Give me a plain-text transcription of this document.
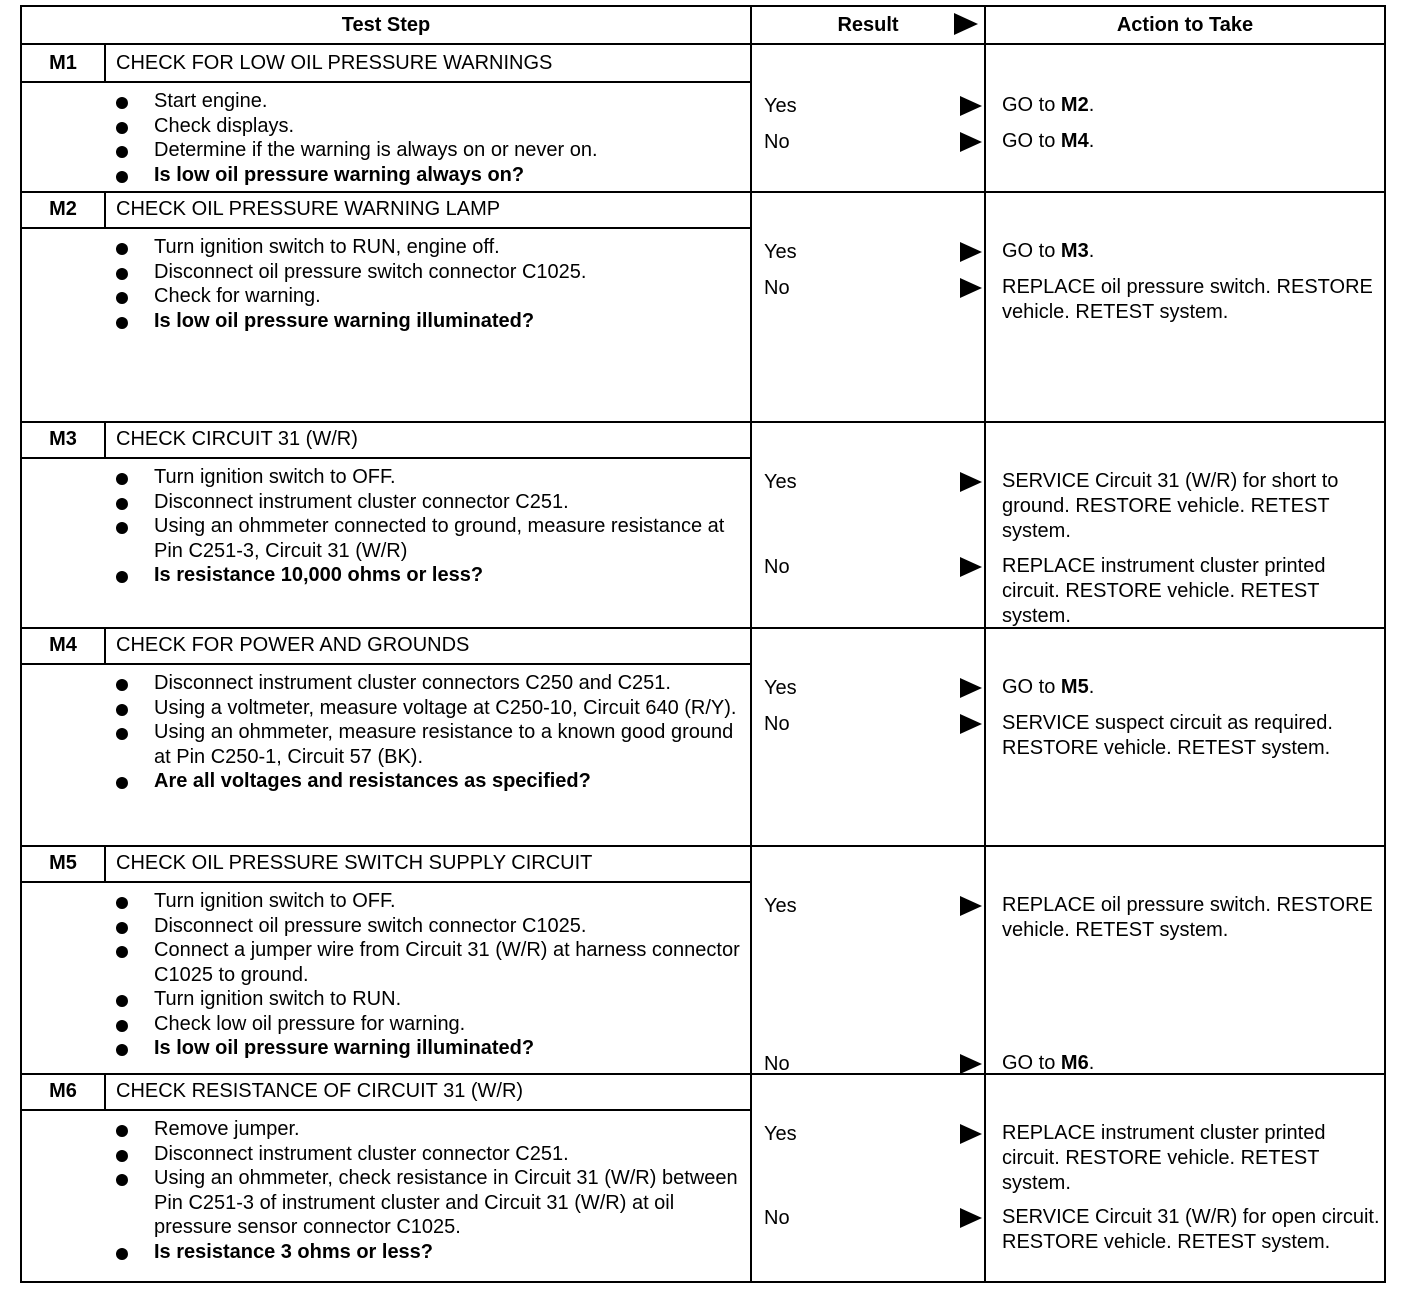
Test Step	Result	Action to Take
M1	CHECK FOR LOW OIL PRESSURE WARNINGS
Start engine.
Check displays.
Determine if the warning is always on or never on.
Is low oil pressure warning always on?
Yes	GO to M2.
No	GO to M4.
M2	CHECK OIL PRESSURE WARNING LAMP
Turn ignition switch to RUN, engine off.
Disconnect oil pressure switch connector C1025.
Check for warning.
Is low oil pressure warning illuminated?
Yes	GO to M3.
No	REPLACE oil pressure switch. RESTORE vehicle. RETEST system.
M3	CHECK CIRCUIT 31 (W/R)
Turn ignition switch to OFF.
Disconnect instrument cluster connector C251.
Using an ohmmeter connected to ground, measure resistance at Pin C251-3, Circuit 31 (W/R)
Is resistance 10,000 ohms or less?
Yes	SERVICE Circuit 31 (W/R) for short to ground. RESTORE vehicle. RETEST system.
No	REPLACE instrument cluster printed circuit. RESTORE vehicle. RETEST system.
M4	CHECK FOR POWER AND GROUNDS
Disconnect instrument cluster connectors C250 and C251.
Using a voltmeter, measure voltage at C250-10, Circuit 640 (R/Y).
Using an ohmmeter, measure resistance to a known good ground at Pin C250-1, Circuit 57 (BK).
Are all voltages and resistances as specified?
Yes	GO to M5.
No	SERVICE suspect circuit as required. RESTORE vehicle. RETEST system.
M5	CHECK OIL PRESSURE SWITCH SUPPLY CIRCUIT
Turn ignition switch to OFF.
Disconnect oil pressure switch connector C1025.
Connect a jumper wire from Circuit 31 (W/R) at harness connector C1025 to ground.
Turn ignition switch to RUN.
Check low oil pressure for warning.
Is low oil pressure warning illuminated?
Yes	REPLACE oil pressure switch. RESTORE vehicle. RETEST system.
No	GO to M6.
M6	CHECK RESISTANCE OF CIRCUIT 31 (W/R)
Remove jumper.
Disconnect instrument cluster connector C251.
Using an ohmmeter, check resistance in Circuit 31 (W/R) between Pin C251-3 of instrument cluster and Circuit 31 (W/R) at oil pressure sensor connector C1025.
Is resistance 3 ohms or less?
Yes	REPLACE instrument cluster printed circuit. RESTORE vehicle. RETEST system.
No	SERVICE Circuit 31 (W/R) for open circuit. RESTORE vehicle. RETEST system.
